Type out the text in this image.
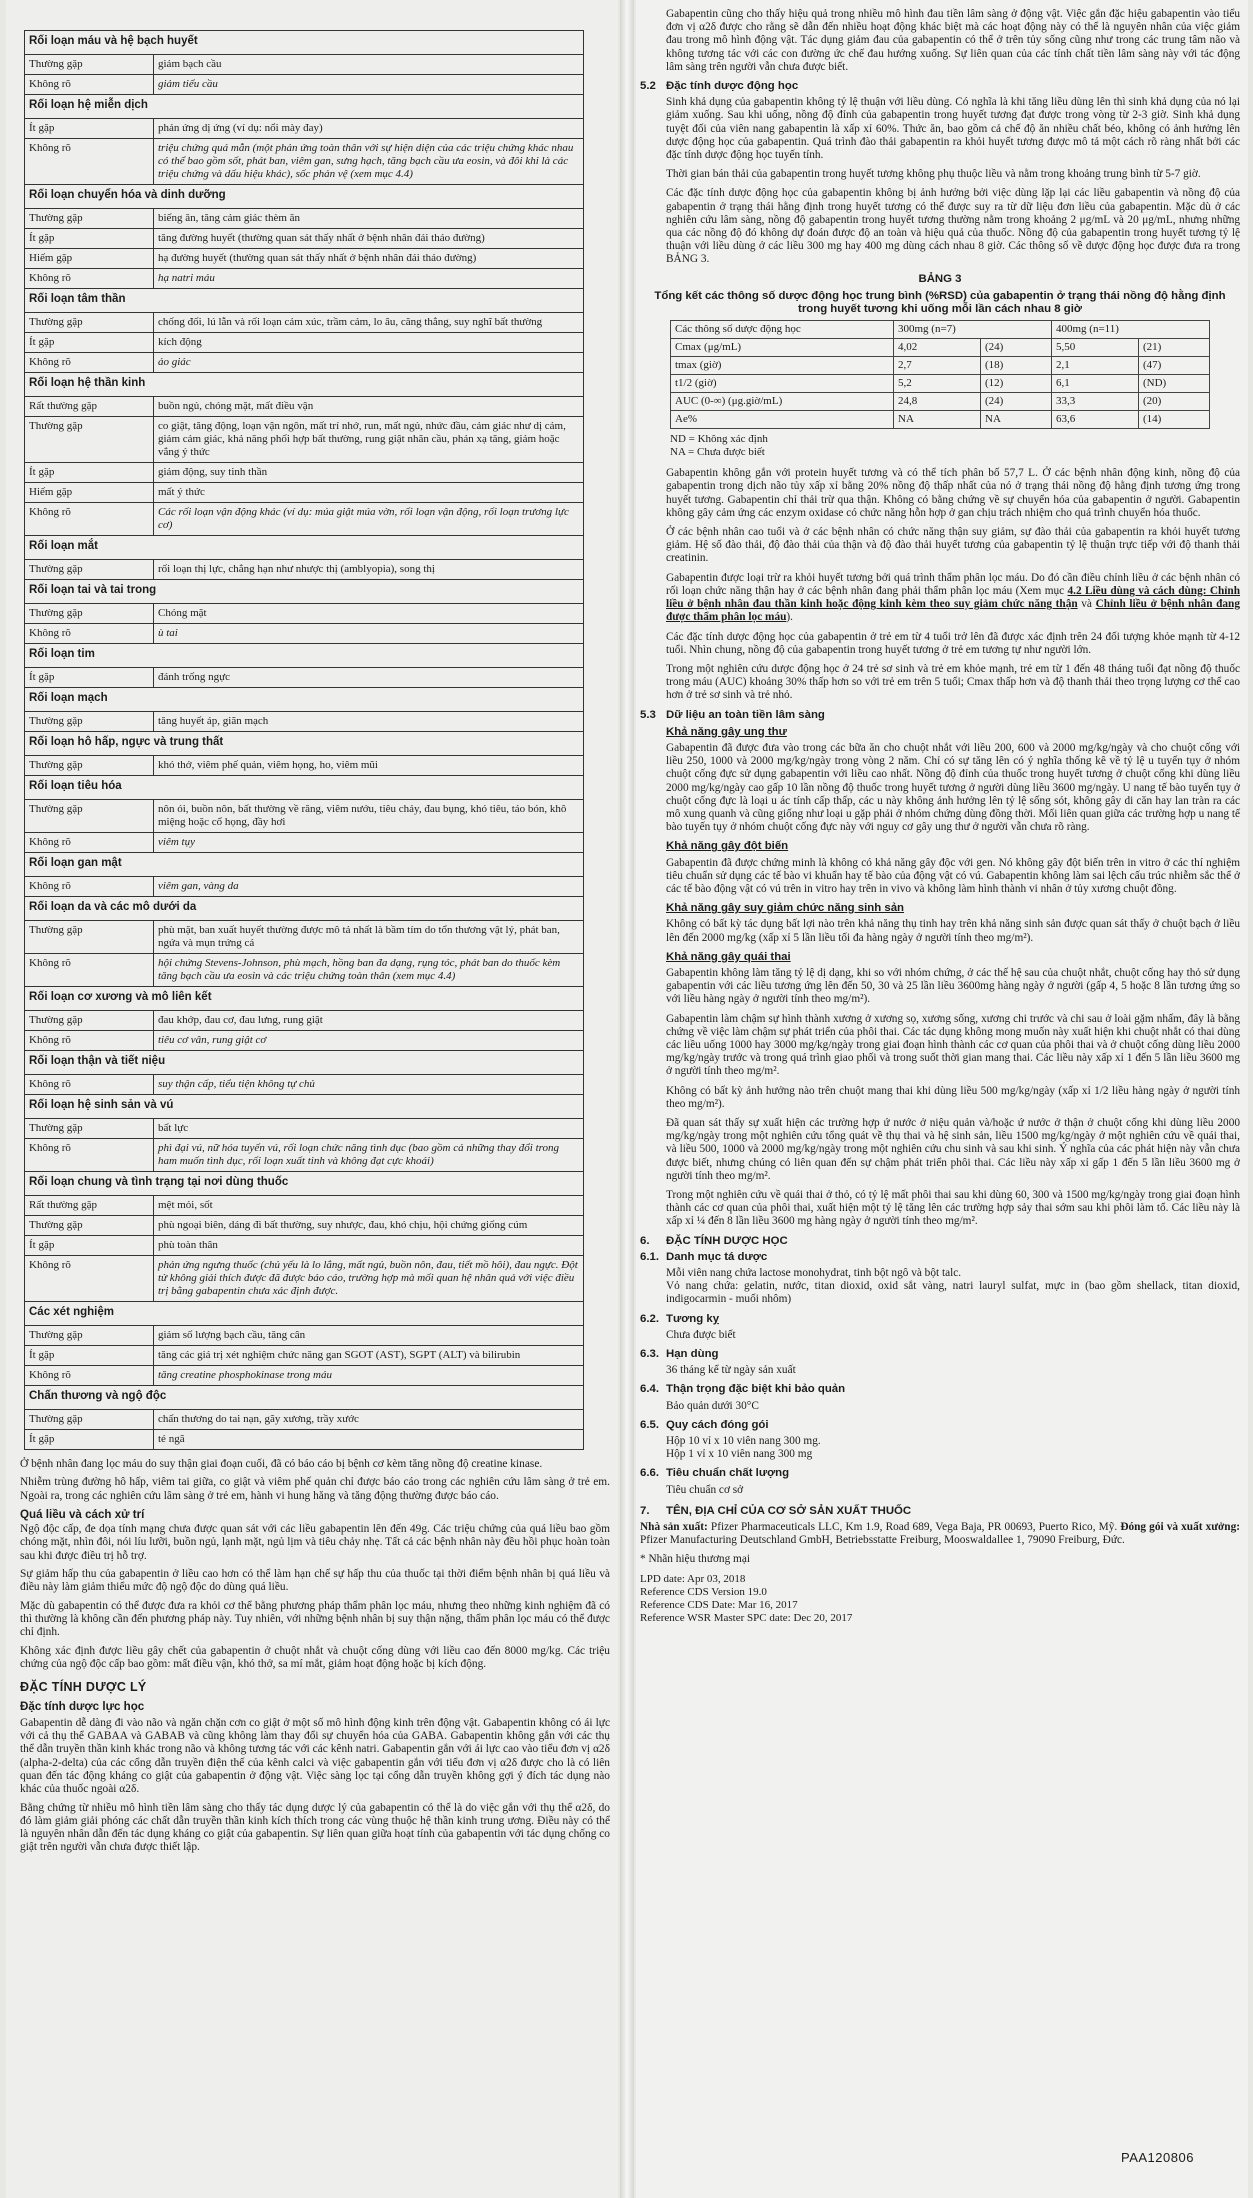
Rối loạn máu và hệ bạch huyết	
Thường gặp	giảm bạch cầu
Không rõ	giảm tiểu cầu
Rối loạn hệ miễn dịch	
Ít gặp	phản ứng dị ứng (ví dụ: nổi mày đay)
Không rõ	triệu chứng quá mẫn (một phản ứng toàn thân với sự hiện diện của các triệu chứng khác nhau có thể bao gồm sốt, phát ban, viêm gan, sưng hạch, tăng bạch cầu ưa eosin, và đôi khi là các triệu chứng và dấu hiệu khác), sốc phản vệ (xem mục 4.4)
Rối loạn chuyển hóa và dinh dưỡng	
Thường gặp	biếng ăn, tăng cảm giác thèm ăn
Ít gặp	tăng đường huyết (thường quan sát thấy nhất ở bệnh nhân đái tháo đường)
Hiếm gặp	hạ đường huyết (thường quan sát thấy nhất ở bệnh nhân đái tháo đường)
Không rõ	hạ natri máu
Rối loạn tâm thần	
Thường gặp	chống đối, lú lẫn và rối loạn cảm xúc, trầm cảm, lo âu, căng thẳng, suy nghĩ bất thường
Ít gặp	kích động
Không rõ	ảo giác
Rối loạn hệ thần kinh	
Rất thường gặp	buồn ngủ, chóng mặt, mất điều vận
Thường gặp	co giật, tăng động, loạn vận ngôn, mất trí nhớ, run, mất ngủ, nhức đầu, cảm giác như dị cảm, giảm cảm giác, khả năng phối hợp bất thường, rung giật nhãn cầu, phản xạ tăng, giảm hoặc vắng ý thức
Ít gặp	giảm động, suy tinh thần
Hiếm gặp	mất ý thức
Không rõ	Các rối loạn vận động khác (ví dụ: múa giật múa vờn, rối loạn vận động, rối loạn trương lực cơ)
Rối loạn mắt	
Thường gặp	rối loạn thị lực, chẳng hạn như nhược thị (amblyopia), song thị
Rối loạn tai và tai trong	
Thường gặp	Chóng mặt
Không rõ	ù tai
Rối loạn tim	
Ít gặp	đánh trống ngực
Rối loạn mạch	
Thường gặp	tăng huyết áp, giãn mạch
Rối loạn hô hấp, ngực và trung thất	
Thường gặp	khó thở, viêm phế quản, viêm họng, ho, viêm mũi
Rối loạn tiêu hóa	
Thường gặp	nôn ói, buồn nôn, bất thường về răng, viêm nướu, tiêu chảy, đau bụng, khó tiêu, táo bón, khô miệng hoặc cổ họng, đầy hơi
Không rõ	viêm tụy
Rối loạn gan mật	
Không rõ	viêm gan, vàng da
Rối loạn da và các mô dưới da	
Thường gặp	phù mặt, ban xuất huyết thường được mô tả nhất là bầm tím do tổn thương vật lý, phát ban, ngứa và mụn trứng cá
Không rõ	hội chứng Stevens-Johnson, phù mạch, hồng ban đa dạng, rụng tóc, phát ban do thuốc kèm tăng bạch cầu ưa eosin và các triệu chứng toàn thân (xem mục 4.4)
Rối loạn cơ xương và mô liên kết	
Thường gặp	đau khớp, đau cơ, đau lưng, rung giật
Không rõ	tiêu cơ vân, rung giật cơ
Rối loạn thận và tiết niệu	
Không rõ	suy thận cấp, tiểu tiện không tự chủ
Rối loạn hệ sinh sản và vú	
Thường gặp	bất lực
Không rõ	phì đại vú, nữ hóa tuyến vú, rối loạn chức năng tình dục (bao gồm cả những thay đổi trong ham muốn tình dục, rối loạn xuất tinh và không đạt cực khoái)
Rối loạn chung và tình trạng tại nơi dùng thuốc	
Rất thường gặp	mệt mỏi, sốt
Thường gặp	phù ngoại biên, dáng đi bất thường, suy nhược, đau, khó chịu, hội chứng giống cúm
Ít gặp	phù toàn thân
Không rõ	phản ứng ngưng thuốc (chủ yếu là lo lắng, mất ngủ, buồn nôn, đau, tiết mồ hôi), đau ngực. Đột tử không giải thích được đã được báo cáo, trường hợp mà mối quan hệ nhân quả với việc điều trị bằng gabapentin chưa xác định được.
Các xét nghiệm	
Thường gặp	giảm số lượng bạch cầu, tăng cân
Ít gặp	tăng các giá trị xét nghiệm chức năng gan SGOT (AST), SGPT (ALT) và bilirubin
Không rõ	tăng creatine phosphokinase trong máu
Chấn thương và ngộ độc	
Thường gặp	chấn thương do tai nạn, gãy xương, trầy xước
Ít gặp	té ngã

Ở bệnh nhân đang lọc máu do suy thận giai đoạn cuối, đã có báo cáo bị bệnh cơ kèm tăng nồng độ creatine kinase.

Nhiễm trùng đường hô hấp, viêm tai giữa, co giật và viêm phế quản chỉ được báo cáo trong các nghiên cứu lâm sàng ở trẻ em. Ngoài ra, trong các nghiên cứu lâm sàng ở trẻ em, hành vi hung hăng và tăng động thường được báo cáo.

Quá liều và cách xử trí

Ngộ độc cấp, đe dọa tính mạng chưa được quan sát với các liều gabapentin lên đến 49g. Các triệu chứng của quá liều bao gồm chóng mặt, nhìn đôi, nói líu lưỡi, buồn ngủ, lạnh mặt, ngủ lịm và tiêu chảy nhẹ. Tất cả các bệnh nhân này đều hồi phục hoàn toàn sau khi được điều trị hỗ trợ.

Sự giảm hấp thu của gabapentin ở liều cao hơn có thể làm hạn chế sự hấp thu của thuốc tại thời điểm bệnh nhân bị quá liều và điều này làm giảm thiểu mức độ ngộ độc do dùng quá liều.

Mặc dù gabapentin có thể được đưa ra khỏi cơ thể bằng phương pháp thẩm phân lọc máu, nhưng theo những kinh nghiệm đã có thì thường là không cần đến phương pháp này. Tuy nhiên, với những bệnh nhân bị suy thận nặng, thẩm phân lọc máu có thể được chỉ định.

Không xác định được liều gây chết của gabapentin ở chuột nhắt và chuột cống dùng với liều cao đến 8000 mg/kg. Các triệu chứng của ngộ độc cấp bao gồm: mất điều vận, khó thở, sa mí mắt, giảm hoạt động hoặc bị kích động.

ĐẶC TÍNH DƯỢC LÝ
Đặc tính dược lực học

Gabapentin dễ dàng đi vào não và ngăn chặn cơn co giật ở một số mô hình động kinh trên động vật. Gabapentin không có ái lực với cả thụ thể GABAA và GABAB và cũng không làm thay đổi sự chuyển hóa của GABA. Gabapentin không gắn với các thụ thể dẫn truyền thần kinh khác trong não và không tương tác với các kênh natri. Gabapentin gắn với ái lực cao vào tiểu đơn vị α2δ (alpha-2-delta) của các cổng dẫn truyền điện thế của kênh calci và việc gabapentin gắn với tiểu đơn vị α2δ được cho là có liên quan đến tác động kháng co giật của gabapentin ở động vật. Việc sàng lọc tại cổng dẫn truyền không gợi ý đích tác dụng nào khác của thuốc ngoài α2δ.

Bằng chứng từ nhiều mô hình tiền lâm sàng cho thấy tác dụng dược lý của gabapentin có thể là do việc gắn với thụ thể α2δ, do đó làm giảm giải phóng các chất dẫn truyền thần kinh kích thích trong các vùng thuộc hệ thần kinh trung ương. Điều này có thể là nguyên nhân dẫn đến tác dụng kháng co giật của gabapentin. Sự liên quan giữa hoạt tính của gabapentin với tác dụng chống co giật trên người vẫn chưa được thiết lập.

Gabapentin cũng cho thấy hiệu quả trong nhiều mô hình đau tiền lâm sàng ở động vật. Việc gắn đặc hiệu gabapentin vào tiểu đơn vị α2δ được cho rằng sẽ dẫn đến nhiều hoạt động khác biệt mà các hoạt động này có thể là nguyên nhân của việc giảm đau trong mô hình động vật. Tác dụng giảm đau của gabapentin có thể ở trên tủy sống cũng như trong các trung tâm não và không tương tác với các con đường ức chế đau hướng xuống. Sự liên quan của các tính chất tiền lâm sàng này với tác động lâm sàng trên người vẫn chưa được biết.

5.2 Đặc tính dược động học

Sinh khả dụng của gabapentin không tỷ lệ thuận với liều dùng. Có nghĩa là khi tăng liều dùng lên thì sinh khả dụng của nó lại giảm xuống. Sau khi uống, nồng độ đỉnh của gabapentin trong huyết tương đạt được trong vòng từ 2-3 giờ. Sinh khả dụng tuyệt đối của viên nang gabapentin là xấp xỉ 60%. Thức ăn, bao gồm cả chế độ ăn nhiều chất béo, không có ảnh hưởng lên dược động học của gabapentin. Quá trình đào thải gabapentin ra khỏi huyết tương được mô tả một cách rõ ràng nhất bởi các đặc tính dược động học tuyến tính.

Thời gian bán thải của gabapentin trong huyết tương không phụ thuộc liều và nằm trong khoảng trung bình từ 5-7 giờ.

Các đặc tính dược động học của gabapentin không bị ảnh hưởng bởi việc dùng lặp lại các liều gabapentin và nồng độ của gabapentin ở trạng thái hằng định trong huyết tương có thể được suy ra từ dữ liệu đơn liều của gabapentin. Mặc dù ở các nghiên cứu lâm sàng, nồng độ gabapentin trong huyết tương thường nằm trong khoảng 2 μg/mL và 20 μg/mL, nhưng những qua các nồng độ đó không dự đoán được độ an toàn và hiệu quả của thuốc. Nồng độ của gabapentin trong huyết tương tỷ lệ thuận với liều dùng ở các liều 300 mg hay 400 mg dùng cách nhau 8 giờ. Các thông số về dược động học được đưa ra trong BẢNG 3.

BẢNG 3
Tổng kết các thông số dược động học trung bình (%RSD) của gabapentin ở trạng thái nồng độ hằng định trong huyết tương khi uống mỗi lần cách nhau 8 giờ
Các thông số dược động học	300mg (n=7)		400mg (n=11)	
Cmax (μg/mL)	4,02	(24)	5,50	(21)
tmax (giờ)	2,7	(18)	2,1	(47)
t1/2 (giờ)	5,2	(12)	6,1	(ND)
AUC (0-∞) (μg.giờ/mL)	24,8	(24)	33,3	(20)
Ae%	NA	NA	63,6	(14)
ND = Không xác định
NA = Chưa được biết

Gabapentin không gắn với protein huyết tương và có thể tích phân bố 57,7 L. Ở các bệnh nhân động kinh, nồng độ của gabapentin trong dịch não tủy xấp xỉ bằng 20% nồng độ thấp nhất của nó ở trạng thái nồng độ hằng định tương ứng trong huyết tương. Gabapentin chỉ thải trừ qua thận. Không có bằng chứng về sự chuyển hóa của gabapentin ở người. Gabapentin không gây cảm ứng các enzym oxidase có chức năng hỗn hợp ở gan chịu trách nhiệm cho quá trình chuyển hóa thuốc.

Ở các bệnh nhân cao tuổi và ở các bệnh nhân có chức năng thận suy giảm, sự đào thải của gabapentin ra khỏi huyết tương giảm. Hệ số đào thải, độ đào thải của thận và độ đào thải huyết tương của gabapentin tỷ lệ thuận trực tiếp với độ thanh thải creatinin.

Gabapentin được loại trừ ra khỏi huyết tương bởi quá trình thẩm phân lọc máu. Do đó cần điều chỉnh liều ở các bệnh nhân có rối loạn chức năng thận hay ở các bệnh nhân đang phải thẩm phân lọc máu (Xem mục 4.2 Liều dùng và cách dùng: Chỉnh liều ở bệnh nhân đau thần kinh hoặc động kinh kèm theo suy giảm chức năng thận và Chỉnh liều ở bệnh nhân đang được thẩm phân lọc máu).

Các đặc tính dược động học của gabapentin ở trẻ em từ 4 tuổi trở lên đã được xác định trên 24 đối tượng khỏe mạnh từ 4-12 tuổi. Nhìn chung, nồng độ của gabapentin trong huyết tương ở trẻ em tương tự như người lớn.

Trong một nghiên cứu dược động học ở 24 trẻ sơ sinh và trẻ em khỏe mạnh, trẻ em từ 1 đến 48 tháng tuổi đạt nồng độ thuốc trong máu (AUC) khoảng 30% thấp hơn so với trẻ em trên 5 tuổi; Cmax thấp hơn và độ thanh thải theo trọng lượng cơ thể cao hơn ở trẻ sơ sinh và trẻ nhỏ.

5.3 Dữ liệu an toàn tiền lâm sàng
Khả năng gây ung thư

Gabapentin đã được đưa vào trong các bữa ăn cho chuột nhắt với liều 200, 600 và 2000 mg/kg/ngày và cho chuột cống với liều 250, 1000 và 2000 mg/kg/ngày trong vòng 2 năm. Chỉ có sự tăng lên có ý nghĩa thống kê về tỷ lệ u tuyến tụy ở nhóm chuột cống đực sử dụng gabapentin với liều cao nhất. Nồng độ đỉnh của thuốc trong huyết tương ở chuột cống khi dùng liều 2000 mg/kg/ngày cao gấp 10 lần nồng độ thuốc trong huyết tương ở người dùng liều 3600 mg/ngày. U nang tế bào tuyến tụy ở chuột cống đực là loại u ác tính cấp thấp, các u này không ảnh hưởng lên tỷ lệ sống sót, không gây di căn hay lan tràn ra các mô xung quanh và cũng giống như loại u gặp phải ở nhóm chứng dùng đồng thời. Mối liên quan giữa các trường hợp u nang tế bào tuyến tụy ở nhóm chuột cống đực này với nguy cơ gây ung thư ở người vẫn chưa rõ ràng.

Khả năng gây đột biến

Gabapentin đã được chứng minh là không có khả năng gây độc với gen. Nó không gây đột biến trên in vitro ở các thí nghiệm tiêu chuẩn sử dụng các tế bào vi khuẩn hay tế bào của động vật có vú. Gabapentin không làm sai lệch cấu trúc nhiễm sắc thể ở các tế bào động vật có vú trên in vitro hay trên in vivo và không làm hình thành vi nhân ở tủy xương chuột đồng.

Khả năng gây suy giảm chức năng sinh sản

Không có bất kỳ tác dụng bất lợi nào trên khả năng thụ tinh hay trên khả năng sinh sản được quan sát thấy ở chuột bạch ở liều lên đến 2000 mg/kg (xấp xỉ 5 lần liều tối đa hàng ngày ở người tính theo mg/m²).

Khả năng gây quái thai

Gabapentin không làm tăng tỷ lệ dị dạng, khi so với nhóm chứng, ở các thế hệ sau của chuột nhắt, chuột cống hay thỏ sử dụng gabapentin với các liều tương ứng lên đến 50, 30 và 25 lần liều 3600mg hàng ngày ở người (gấp 4, 5 hoặc 8 lần tương ứng so với liều hàng ngày ở người tính theo mg/m²).

Gabapentin làm chậm sự hình thành xương ở xương sọ, xương sống, xương chi trước và chi sau ở loài gặm nhấm, đây là bằng chứng về việc làm chậm sự phát triển của phôi thai. Các tác dụng không mong muốn này xuất hiện khi chuột nhắt có thai dùng các liều uống 1000 hay 3000 mg/kg/ngày trong giai đoạn hình thành các cơ quan của phôi thai và ở chuột cống dùng liều 2000 mg/kg/ngày trước và trong quá trình giao phối và trong suốt thời gian mang thai. Các liều này xấp xỉ 1 đến 5 lần liều 3600 mg ở người tính theo mg/m².

Không có bất kỳ ảnh hưởng nào trên chuột mang thai khi dùng liều 500 mg/kg/ngày (xấp xỉ 1/2 liều hàng ngày ở người tính theo mg/m²).

Đã quan sát thấy sự xuất hiện các trường hợp ứ nước ở niệu quản và/hoặc ứ nước ở thận ở chuột cống khi dùng liều 2000 mg/kg/ngày trong một nghiên cứu tổng quát về thụ thai và hệ sinh sản, liều 1500 mg/kg/ngày ở một nghiên cứu về quái thai, và liều 500, 1000 và 2000 mg/kg/ngày trong một nghiên cứu chu sinh và sau khi sinh. Ý nghĩa của các phát hiện này vẫn chưa được biết, nhưng chúng có liên quan đến sự chậm phát triển phôi thai. Các liều này xấp xỉ gấp 1 đến 5 lần liều 3600 mg ở người tính theo mg/m².

Trong một nghiên cứu về quái thai ở thỏ, có tỷ lệ mất phôi thai sau khi dùng 60, 300 và 1500 mg/kg/ngày trong giai đoạn hình thành các cơ quan của phôi thai, xuất hiện một tỷ lệ tăng lên các trường hợp sảy thai sớm sau khi phôi làm tổ. Các liều này là xấp xỉ ¼ đến 8 lần liều 3600 mg hàng ngày ở người tính theo mg/m².

6.	ĐẶC TÍNH DƯỢC HỌC
6.1. Danh mục tá dược
Mỗi viên nang chứa lactose monohydrat, tinh bột ngô và bột talc.

Vỏ nang chứa: gelatin, nước, titan dioxid, oxid sắt vàng, natri lauryl sulfat, mực in (bao gồm shellack, titan dioxid, indigocarmin - muối nhôm)

6.2. Tương kỵ

Chưa được biết

6.3. Hạn dùng

36 tháng kể từ ngày sản xuất

6.4. Thận trọng đặc biệt khi bảo quản

Bảo quản dưới 30°C

6.5. Quy cách đóng gói
Hộp 10 vỉ x 10 viên nang 300 mg.

Hộp 1 vỉ x 10 viên nang 300 mg

6.6. Tiêu chuẩn chất lượng

Tiêu chuẩn cơ sở

7.	TÊN, ĐỊA CHỈ CỦA CƠ SỞ SẢN XUẤT THUỐC

Nhà sản xuất: Pfizer Pharmaceuticals LLC, Km 1.9, Road 689, Vega Baja, PR 00693, Puerto Rico, Mỹ. Đóng gói và xuất xưởng: Pfizer Manufacturing Deutschland GmbH, Betriebsstatte Freiburg, Mooswaldallee 1, 79090 Freiburg, Đức.

* Nhãn hiệu thương mại

LPD date: Apr 03, 2018
Reference CDS Version 19.0
Reference CDS Date: Mar 16, 2017
Reference WSR Master SPC date: Dec 20, 2017
PAA120806
